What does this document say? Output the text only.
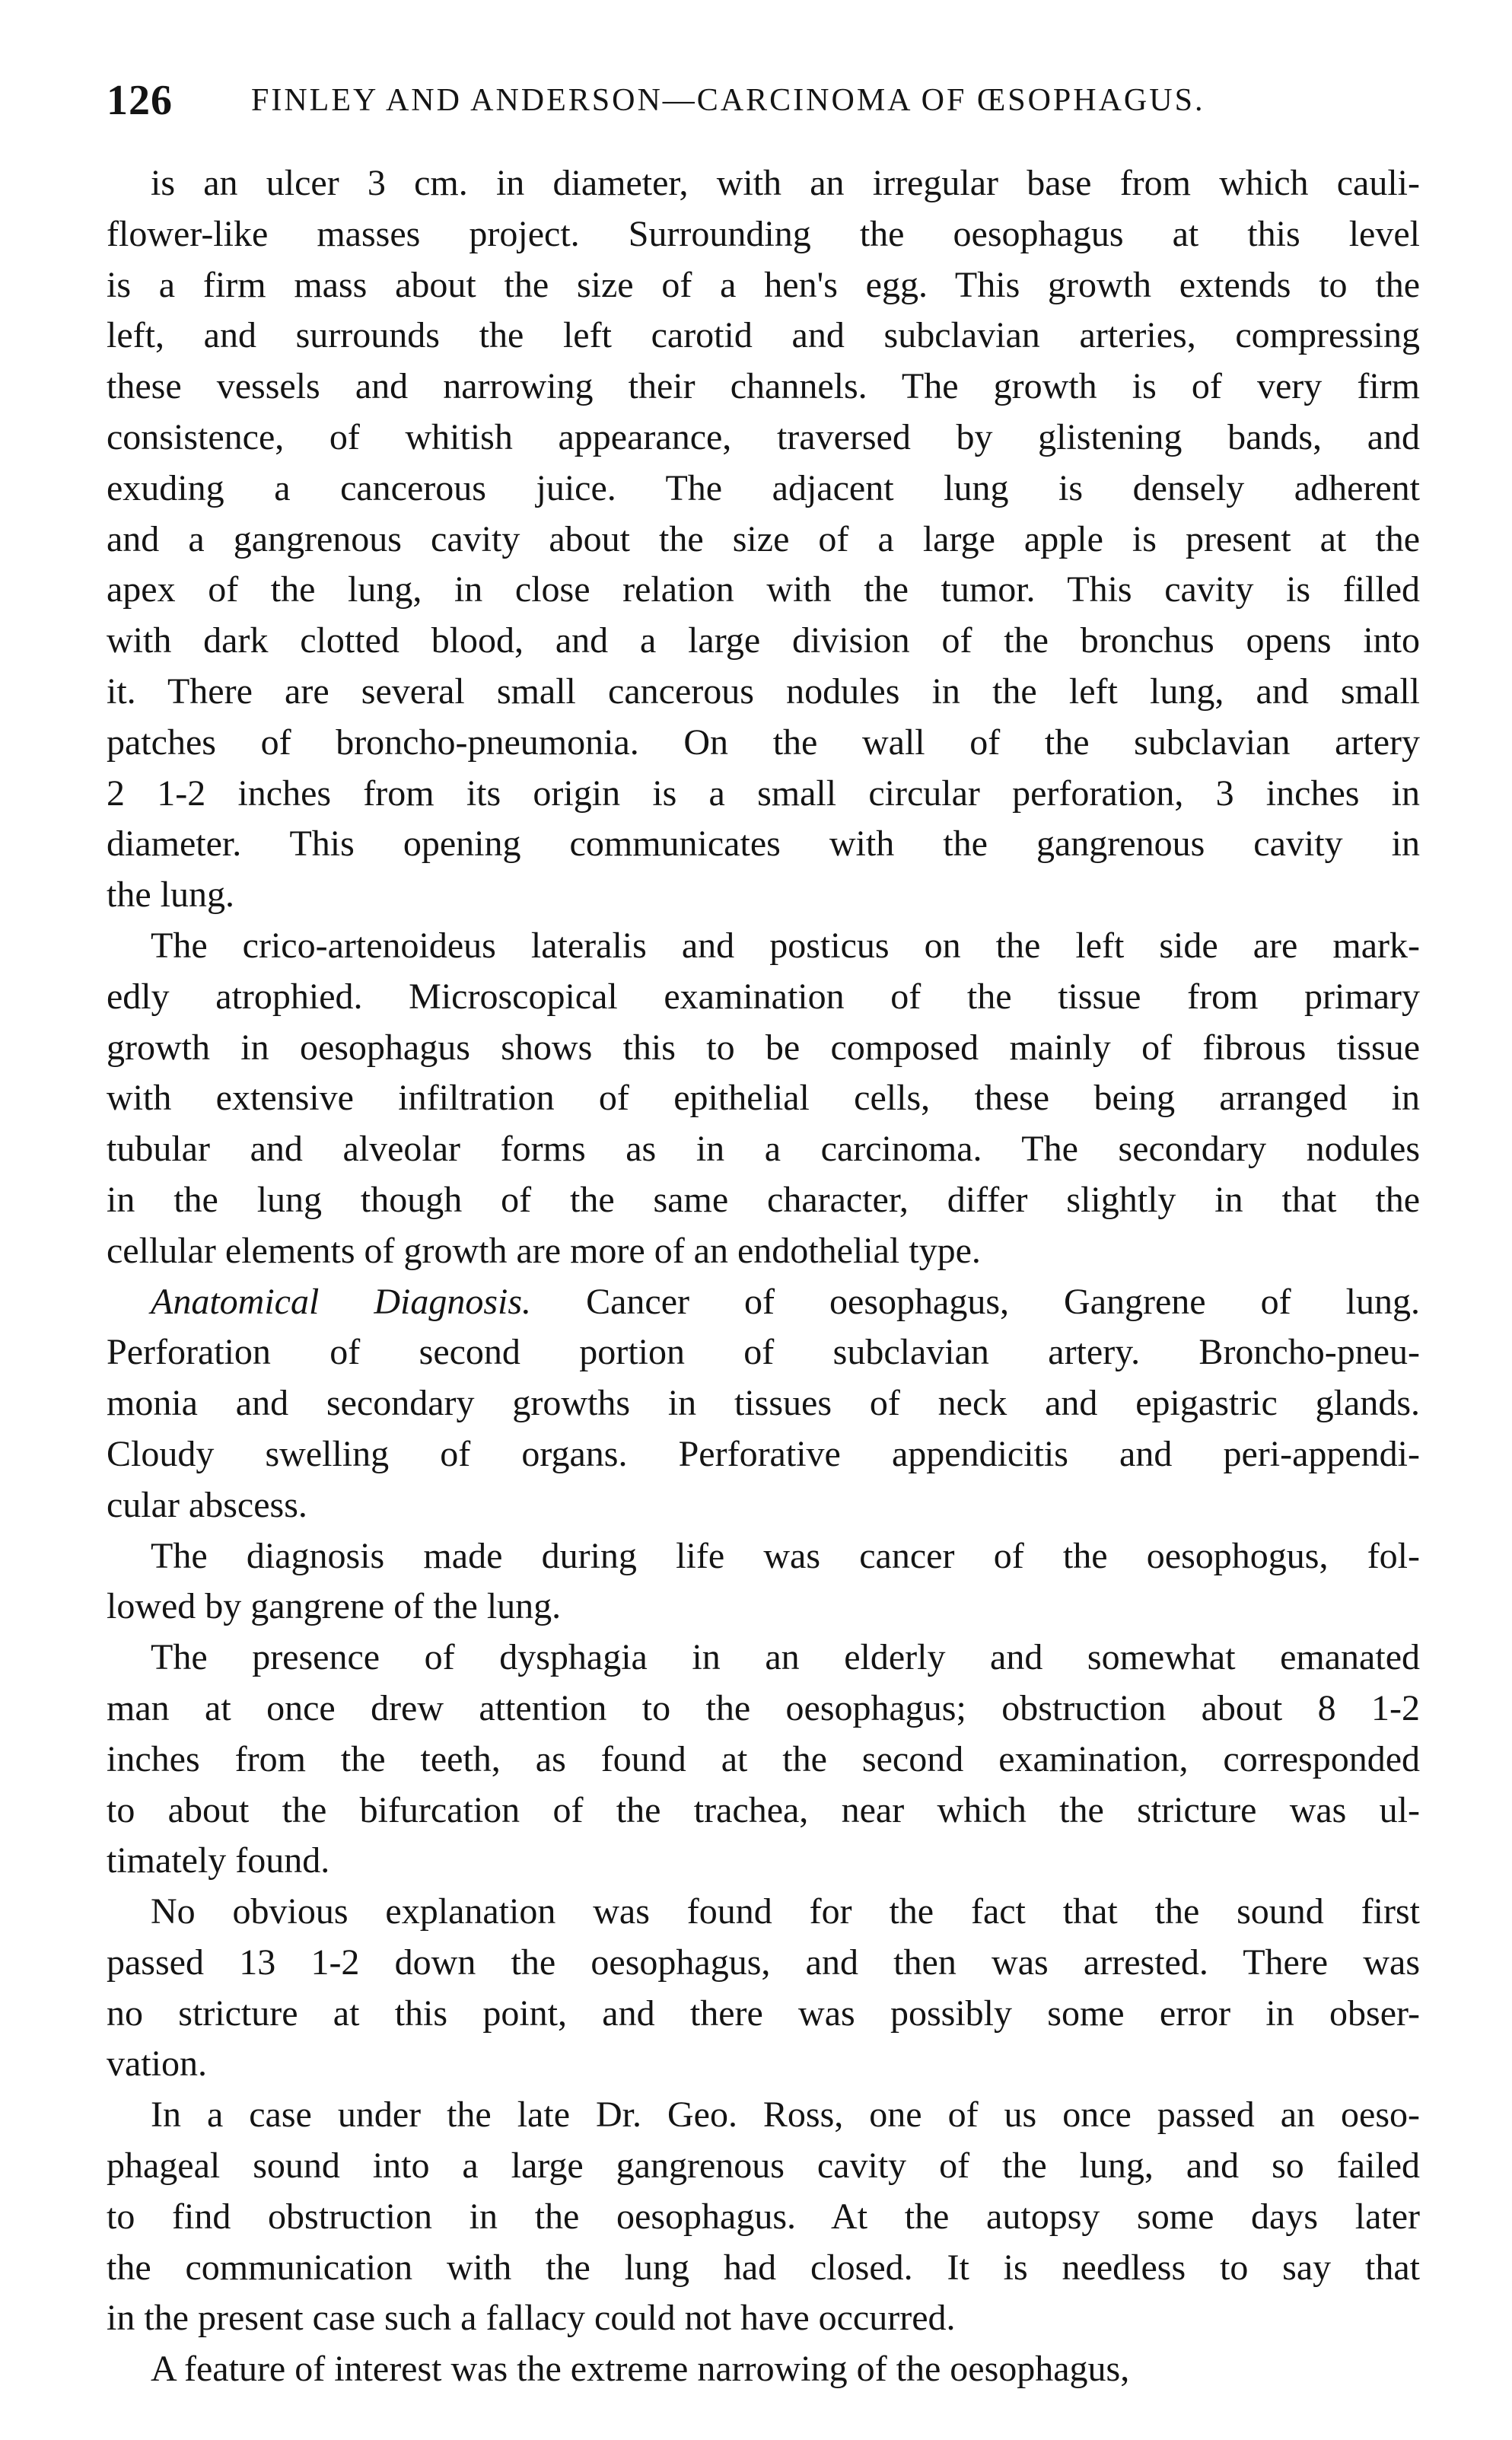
126 FINLEY AND ANDERSON—CARCINOMA OF ŒSOPHAGUS.
is an ulcer 3 cm. in diameter, with an irregular base from which cauli-
flower-like masses project. Surrounding the oesophagus at this level
is a firm mass about the size of a hen's egg. This growth extends to the
left, and surrounds the left carotid and subclavian arteries, compressing
these vessels and narrowing their channels. The growth is of very firm
consistence, of whitish appearance, traversed by glistening bands, and
exuding a cancerous juice. The adjacent lung is densely adherent
and a gangrenous cavity about the size of a large apple is present at the
apex of the lung, in close relation with the tumor. This cavity is filled
with dark clotted blood, and a large division of the bronchus opens into
it. There are several small cancerous nodules in the left lung, and small
patches of broncho-pneumonia. On the wall of the subclavian artery
2 1-2 inches from its origin is a small circular perforation, 3 inches in
diameter. This opening communicates with the gangrenous cavity in
the lung.
The crico-artenoideus lateralis and posticus on the left side are mark-
edly atrophied. Microscopical examination of the tissue from primary
growth in oesophagus shows this to be composed mainly of fibrous tissue
with extensive infiltration of epithelial cells, these being arranged in
tubular and alveolar forms as in a carcinoma. The secondary nodules
in the lung though of the same character, differ slightly in that the
cellular elements of growth are more of an endothelial type.
Anatomical Diagnosis. Cancer of oesophagus, Gangrene of lung.
Perforation of second portion of subclavian artery. Broncho-pneu-
monia and secondary growths in tissues of neck and epigastric glands.
Cloudy swelling of organs. Perforative appendicitis and peri-appendi-
cular abscess.
The diagnosis made during life was cancer of the oesophogus, fol-
lowed by gangrene of the lung.
The presence of dysphagia in an elderly and somewhat emanated
man at once drew attention to the oesophagus; obstruction about 8 1-2
inches from the teeth, as found at the second examination, corresponded
to about the bifurcation of the trachea, near which the stricture was ul-
timately found.
No obvious explanation was found for the fact that the sound first
passed 13 1-2 down the oesophagus, and then was arrested. There was
no stricture at this point, and there was possibly some error in obser-
vation.
In a case under the late Dr. Geo. Ross, one of us once passed an oeso-
phageal sound into a large gangrenous cavity of the lung, and so failed
to find obstruction in the oesophagus. At the autopsy some days later
the communication with the lung had closed. It is needless to say that
in the present case such a fallacy could not have occurred.
A feature of interest was the extreme narrowing of the oesophagus,
